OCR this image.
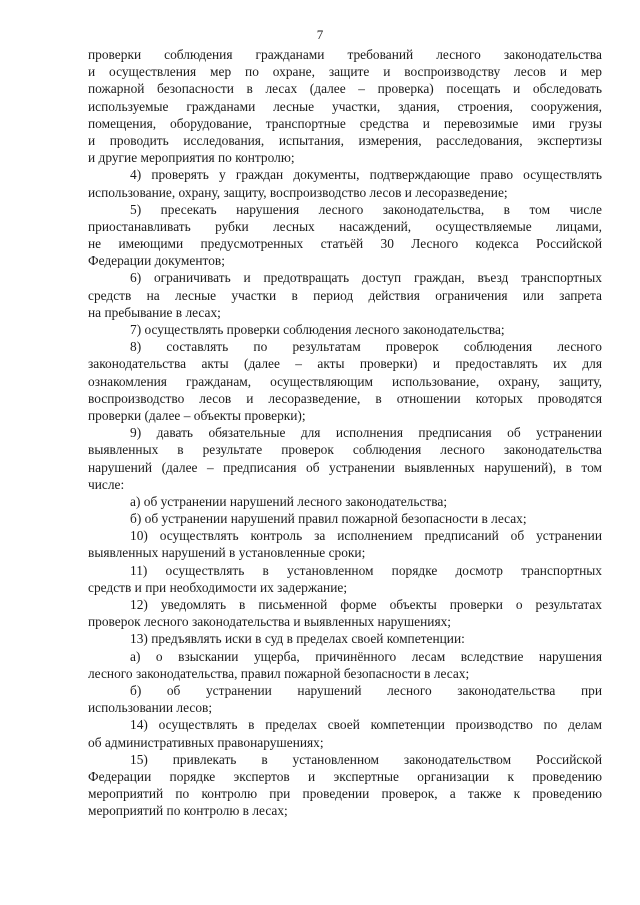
7
проверки соблюдения гражданами требований лесного законодательства
и осуществления мер по охране, защите и воспроизводству лесов и мер
пожарной безопасности в лесах (далее – проверка) посещать и обследовать
используемые гражданами лесные участки, здания, строения, сооружения,
помещения, оборудование, транспортные средства и перевозимые ими грузы
и проводить исследования, испытания, измерения, расследования, экспертизы
и другие мероприятия по контролю;
4) проверять у граждан документы, подтверждающие право осуществлять
использование, охрану, защиту, воспроизводство лесов и лесоразведение;
5) пресекать нарушения лесного законодательства, в том числе
приостанавливать рубки лесных насаждений, осуществляемые лицами,
не имеющими предусмотренных статьёй 30 Лесного кодекса Российской
Федерации документов;
6) ограничивать и предотвращать доступ граждан, въезд транспортных
средств на лесные участки в период действия ограничения или запрета
на пребывание в лесах;
7) осуществлять проверки соблюдения лесного законодательства;
8) составлять по результатам проверок соблюдения лесного
законодательства акты (далее – акты проверки) и предоставлять их для
ознакомления гражданам, осуществляющим использование, охрану, защиту,
воспроизводство лесов и лесоразведение, в отношении которых проводятся
проверки (далее – объекты проверки);
9) давать обязательные для исполнения предписания об устранении
выявленных в результате проверок соблюдения лесного законодательства
нарушений (далее – предписания об устранении выявленных нарушений), в том
числе:
а) об устранении нарушений лесного законодательства;
б) об устранении нарушений правил пожарной безопасности в лесах;
10) осуществлять контроль за исполнением предписаний об устранении
выявленных нарушений в установленные сроки;
11) осуществлять в установленном порядке досмотр транспортных
средств и при необходимости их задержание;
12) уведомлять в письменной форме объекты проверки о результатах
проверок лесного законодательства и выявленных нарушениях;
13) предъявлять иски в суд в пределах своей компетенции:
а) о взыскании ущерба, причинённого лесам вследствие нарушения
лесного законодательства, правил пожарной безопасности в лесах;
б) об устранении нарушений лесного законодательства при
использовании лесов;
14) осуществлять в пределах своей компетенции производство по делам
об административных правонарушениях;
15) привлекать в установленном законодательством Российской
Федерации порядке экспертов и экспертные организации к проведению
мероприятий по контролю при проведении проверок, а также к проведению
мероприятий по контролю в лесах;
